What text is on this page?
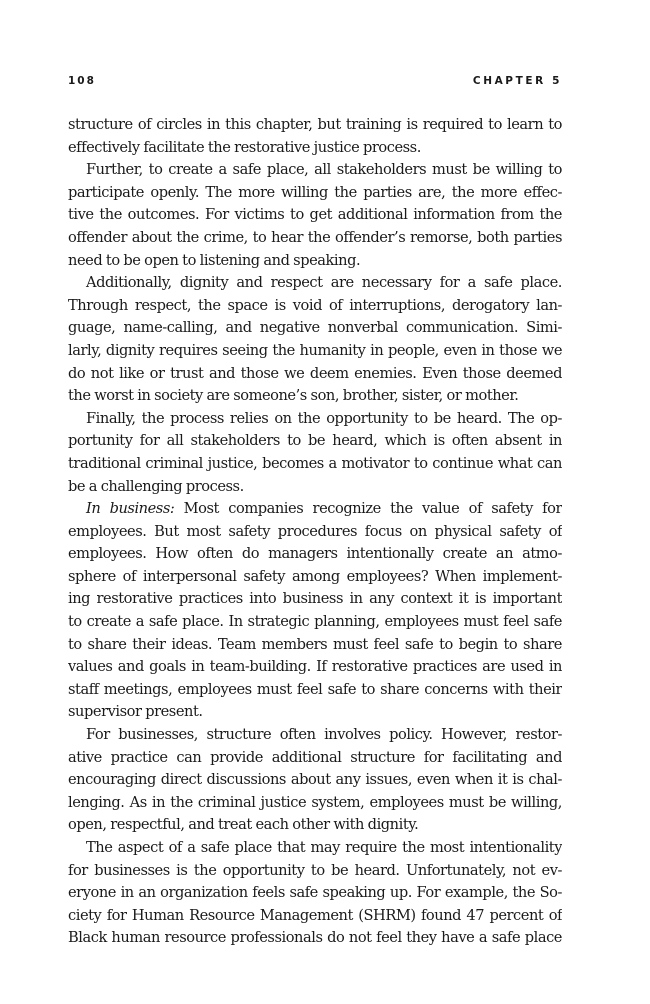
108	CHAPTER 5
structure of circles in this chapter, but training is required to learn to
effectively facilitate the restorative justice process.
Further, to create a safe place, all stakeholders must be willing to
participate openly. The more willing the parties are, the more effec-
tive the outcomes. For victims to get additional information from the
offender about the crime, to hear the offender’s remorse, both parties
need to be open to listening and speaking.
Additionally, dignity and respect are necessary for a safe place.
Through respect, the space is void of interruptions, derogatory lan-
guage, name-calling, and negative nonverbal communication. Simi-
larly, dignity requires seeing the humanity in people, even in those we
do not like or trust and those we deem enemies. Even those deemed
the worst in society are someone’s son, brother, sister, or mother.
Finally, the process relies on the opportunity to be heard. The op-
portunity for all stakeholders to be heard, which is often absent in
traditional criminal justice, becomes a motivator to continue what can
be a challenging process.
In business: Most companies recognize the value of safety for
employees. But most safety procedures focus on physical safety of
employees. How often do managers intentionally create an atmo-
sphere of interpersonal safety among employees? When implement-
ing restorative practices into business in any context it is important
to create a safe place. In strategic planning, employees must feel safe
to share their ideas. Team members must feel safe to begin to share
values and goals in team-building. If restorative practices are used in
staff meetings, employees must feel safe to share concerns with their
supervisor present.
For businesses, structure often involves policy. However, restor-
ative practice can provide additional structure for facilitating and
encouraging direct discussions about any issues, even when it is chal-
lenging. As in the criminal justice system, employees must be willing,
open, respectful, and treat each other with dignity.
The aspect of a safe place that may require the most intentionality
for businesses is the opportunity to be heard. Unfortunately, not ev-
eryone in an organization feels safe speaking up. For example, the So-
ciety for Human Resource Management (SHRM) found 47 percent of
Black human resource professionals do not feel they have a safe place
